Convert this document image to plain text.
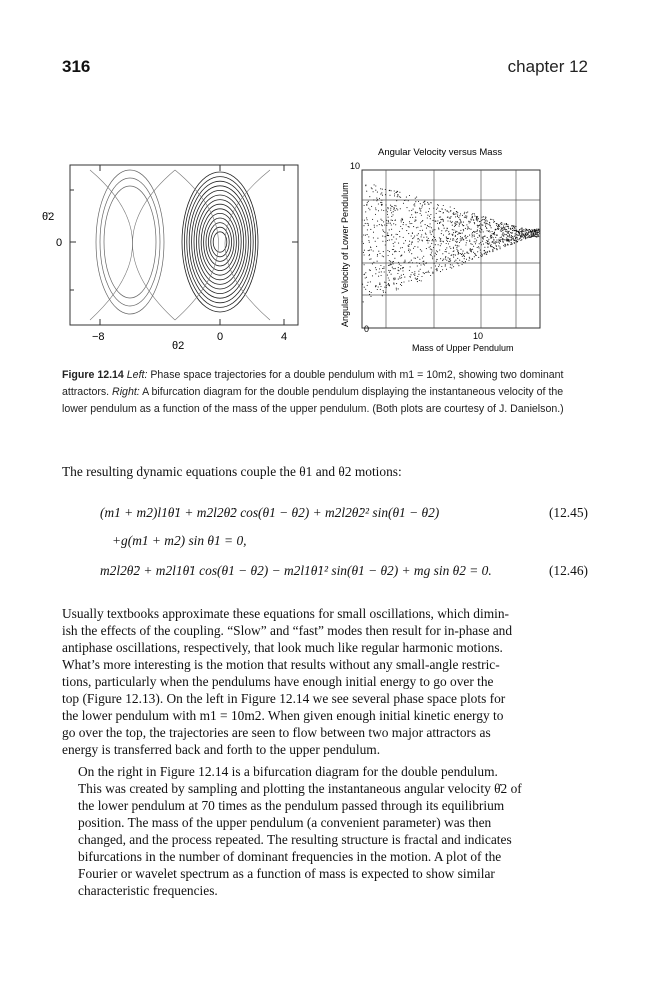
316	chapter 12
θ̇2
0
−8	0	4
θ2
Angular Velocity versus Mass
0
10
10
Mass of Upper Pendulum
Angular Velocity of Lower Pendulum
Figure 12.14 Left: Phase space trajectories for a double pendulum with m1 = 10m2, showing two dominant attractors. Right: A bifurcation diagram for the double pendulum displaying the instantaneous velocity of the lower pendulum as a function of the mass of the upper pendulum. (Both plots are courtesy of J. Danielson.)
The resulting dynamic equations couple the θ1 and θ2 motions:
(m1 + m2)l1θ̈1 + m2l2θ̈2 cos(θ1 − θ2) + m2l2θ̇2² sin(θ1 − θ2)	(12.45)
+g(m1 + m2) sin θ1 = 0,
m2l2θ̈2 + m2l1θ̈1 cos(θ1 − θ2) − m2l1θ̇1² sin(θ1 − θ2) + mg sin θ2 = 0.	(12.46)
Usually textbooks approximate these equations for small oscillations, which dimin-
ish the effects of the coupling. “Slow” and “fast” modes then result for in-phase and
antiphase oscillations, respectively, that look much like regular harmonic motions.
What’s more interesting is the motion that results without any small-angle restric-
tions, particularly when the pendulums have enough initial energy to go over the
top (Figure 12.13). On the left in Figure 12.14 we see several phase space plots for
the lower pendulum with m1 = 10m2. When given enough initial kinetic energy to
go over the top, the trajectories are seen to flow between two major attractors as
energy is transferred back and forth to the upper pendulum.
On the right in Figure 12.14 is a bifurcation diagram for the double pendulum.
This was created by sampling and plotting the instantaneous angular velocity θ̇2 of
the lower pendulum at 70 times as the pendulum passed through its equilibrium
position. The mass of the upper pendulum (a convenient parameter) was then
changed, and the process repeated. The resulting structure is fractal and indicates
bifurcations in the number of dominant frequencies in the motion. A plot of the
Fourier or wavelet spectrum as a function of mass is expected to show similar
characteristic frequencies.
